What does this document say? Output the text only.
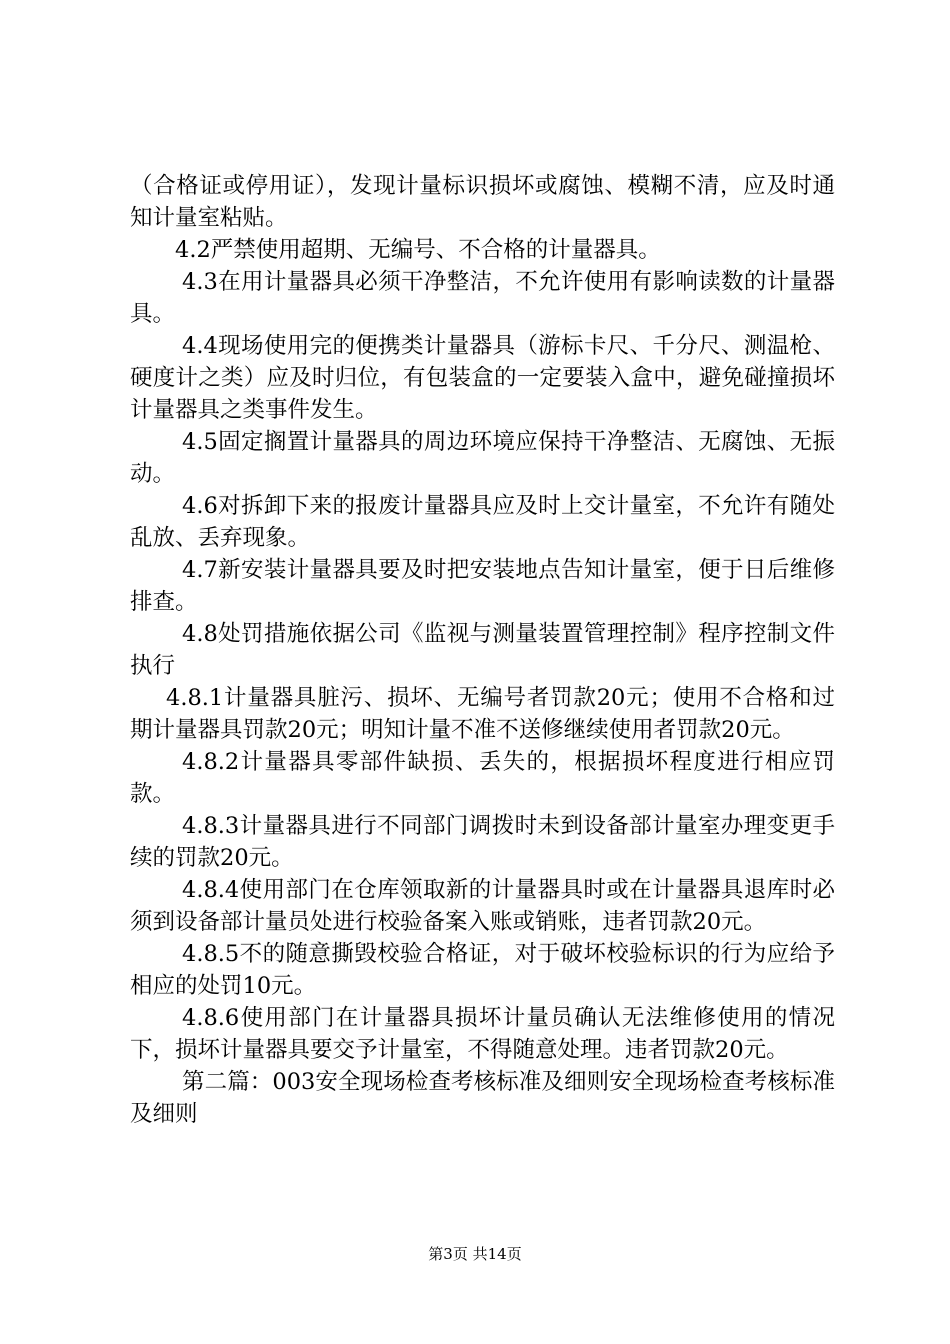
（合格证或停用证），发现计量标识损坏或腐蚀、模糊不清，应及时通知计量室粘贴。

4.2严禁使用超期、无编号、不合格的计量器具。

4.3在用计量器具必须干净整洁，不允许使用有影响读数的计量器具。

4.4现场使用完的便携类计量器具（游标卡尺、千分尺、测温枪、硬度计之类）应及时归位，有包装盒的一定要装入盒中，避免碰撞损坏计量器具之类事件发生。

4.5固定搁置计量器具的周边环境应保持干净整洁、无腐蚀、无振动。

4.6对拆卸下来的报废计量器具应及时上交计量室，不允许有随处乱放、丢弃现象。

4.7新安装计量器具要及时把安装地点告知计量室，便于日后维修排查。

4.8处罚措施依据公司《监视与测量装置管理控制》程序控制文件执行

4.8.1计量器具脏污、损坏、无编号者罚款20元；使用不合格和过期计量器具罚款20元；明知计量不准不送修继续使用者罚款20元。

4.8.2计量器具零部件缺损、丢失的，根据损坏程度进行相应罚款。

4.8.3计量器具进行不同部门调拨时未到设备部计量室办理变更手续的罚款20元。

4.8.4使用部门在仓库领取新的计量器具时或在计量器具退库时必须到设备部计量员处进行校验备案入账或销账，违者罚款20元。

4.8.5不的随意撕毁校验合格证，对于破坏校验标识的行为应给予相应的处罚10元。

4.8.6使用部门在计量器具损坏计量员确认无法维修使用的情况下，损坏计量器具要交予计量室，不得随意处理。违者罚款20元。

第二篇：003安全现场检查考核标准及细则安全现场检查考核标准及细则

第3页 共14页
